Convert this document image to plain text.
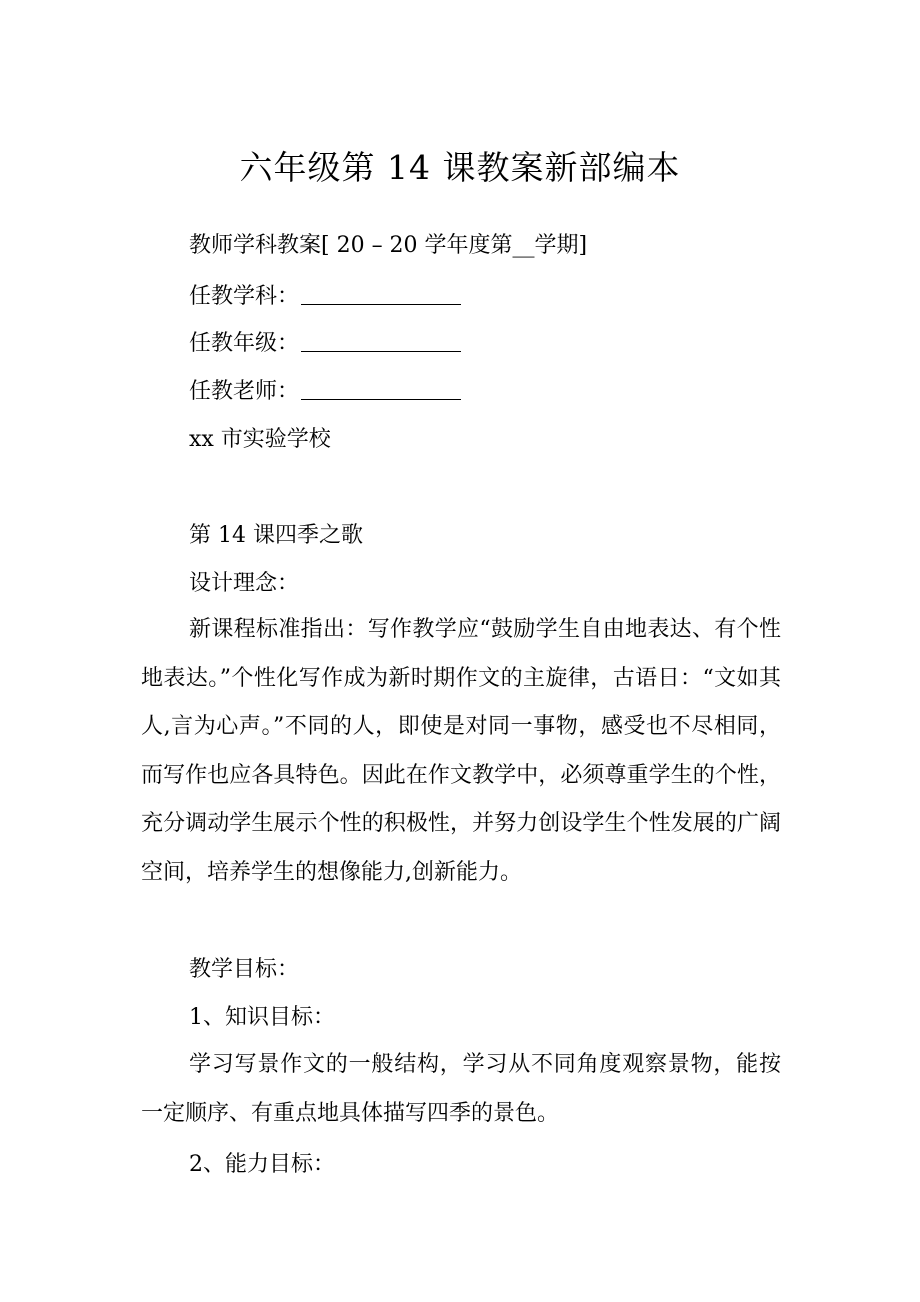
六年级第 14 课教案新部编本
教师学科教案[ 20 – 20 学年度第__学期]
任教学科：
任教年级：
任教老师：
xx 市实验学校
第 14 课四季之歌
设计理念：
新课程标准指出：写作教学应“鼓励学生自由地表达、有个性地表达。”个性化写作成为新时期作文的主旋律，古语日：“文如其人,言为心声。”不同的人，即使是对同一事物，感受也不尽相同，而写作也应各具特色。因此在作文教学中，必须尊重学生的个性，充分调动学生展示个性的积极性，并努力创设学生个性发展的广阔空间，培养学生的想像能力,创新能力。
教学目标：
1、知识目标：
学习写景作文的一般结构，学习从不同角度观察景物，能按一定顺序、有重点地具体描写四季的景色。
2、能力目标：
